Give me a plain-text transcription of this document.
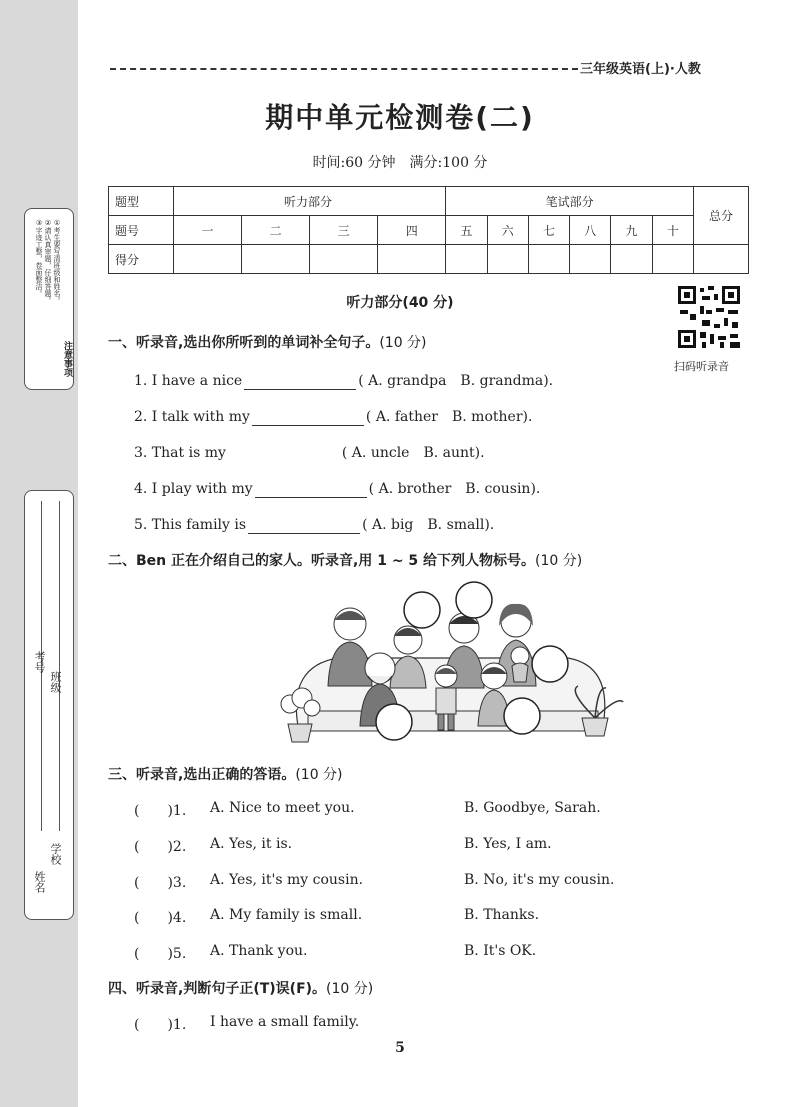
①考生要写清班级和姓名。
②请认真审题，仔细答题。
③字迹工整，卷面整洁。
注意事项
学校
班级
姓名
考号
三年级英语(上)·人教
期中单元检测卷(二)
时间:60 分钟　满分:100 分
题型	听力部分				笔试部分						总分
题号	一	二	三	四	五	六	七	八	九	十	
得分											
听力部分(40 分)
扫码听录音
一、听录音,选出你所听到的单词补全句子。(10 分)
1. I have a nice	( A. grandpa　B. grandma).
2. I talk with my	( A. father　B. mother).
3. That is my	( A. uncle　B. aunt).
4. I play with my	( A. brother　B. cousin).
5. This family is	( A. big　B. small).
二、Ben 正在介绍自己的家人。听录音,用 1 ~ 5 给下列人物标号。(10 分)
三、听录音,选出正确的答语。(10 分)
(　　)1. A. Nice to meet you.	B. Goodbye, Sarah.
(　　)2. A. Yes, it is.	B. Yes, I am.
(　　)3. A. Yes, it's my cousin.	B. No, it's my cousin.
(　　)4. A. My family is small.	B. Thanks.
(　　)5. A. Thank you.	B. It's OK.
四、听录音,判断句子正(T)误(F)。(10 分)
(　　)1. I have a small family.
5
